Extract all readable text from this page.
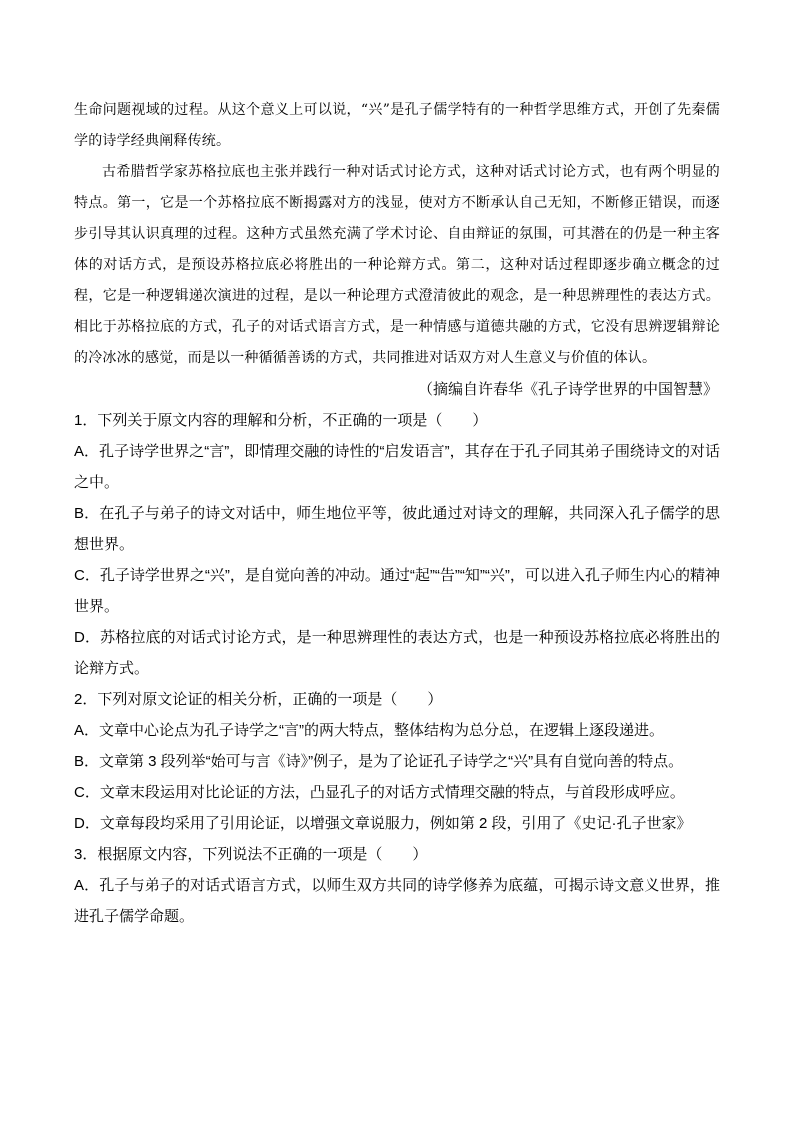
生命问题视域的过程。从这个意义上可以说，“兴”是孔子儒学特有的一种哲学思维方式，开创了先秦儒学的诗学经典阐释传统。

古希腊哲学家苏格拉底也主张并践行一种对话式讨论方式，这种对话式讨论方式，也有两个明显的特点。第一，它是一个苏格拉底不断揭露对方的浅显，使对方不断承认自己无知，不断修正错误，而逐步引导其认识真理的过程。这种方式虽然充满了学术讨论、自由辩证的氛围，可其潜在的仍是一种主客体的对话方式，是预设苏格拉底必将胜出的一种论辩方式。第二，这种对话过程即逐步确立概念的过程，它是一种逻辑递次演进的过程，是以一种论理方式澄清彼此的观念，是一种思辨理性的表达方式。相比于苏格拉底的方式，孔子的对话式语言方式，是一种情感与道德共融的方式，它没有思辨逻辑辩论的冷冰冰的感觉，而是以一种循循善诱的方式，共同推进对话双方对人生意义与价值的体认。

（摘编自许春华《孔子诗学世界的中国智慧》

1．下列关于原文内容的理解和分析，不正确的一项是（　　）

A．孔子诗学世界之“言”，即情理交融的诗性的“启发语言”，其存在于孔子同其弟子围绕诗文的对话之中。

B．在孔子与弟子的诗文对话中，师生地位平等，彼此通过对诗文的理解，共同深入孔子儒学的思想世界。

C．孔子诗学世界之“兴”，是自觉向善的冲动。通过“起”“告”“知”“兴”，可以进入孔子师生内心的精神世界。

D．苏格拉底的对话式讨论方式，是一种思辨理性的表达方式，也是一种预设苏格拉底必将胜出的论辩方式。

2．下列对原文论证的相关分析，正确的一项是（　　）

A．文章中心论点为孔子诗学之“言”的两大特点，整体结构为总分总，在逻辑上逐段递进。

B．文章第 3 段列举“始可与言《诗》”例子，是为了论证孔子诗学之“兴”具有自觉向善的特点。

C．文章末段运用对比论证的方法，凸显孔子的对话方式情理交融的特点，与首段形成呼应。

D．文章每段均采用了引用论证，以增强文章说服力，例如第 2 段，引用了《史记·孔子世家》

3．根据原文内容，下列说法不正确的一项是（　　）

A．孔子与弟子的对话式语言方式，以师生双方共同的诗学修养为底蕴，可揭示诗文意义世界，推进孔子儒学命题。
